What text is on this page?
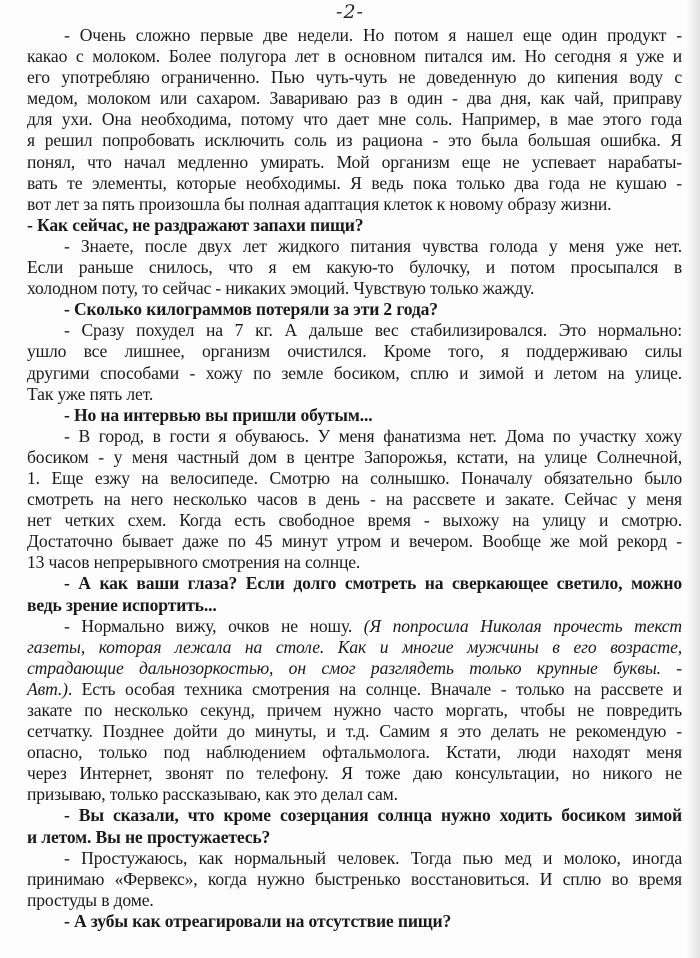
-2-
- Очень сложно первые две недели. Но потом я нашел еще один продукт -
какао с молоком. Более полугора лет в основном питался им. Но сегодня я уже и
его употребляю ограниченно. Пью чуть-чуть не доведенную до кипения воду с
медом, молоком или сахаром. Завариваю раз в один - два дня, как чай, приправу
для ухи. Она необходима, потому что дает мне соль. Например, в мае этого года
я решил попробовать исключить соль из рациона - это была большая ошибка. Я
понял, что начал медленно умирать. Мой организм еще не успевает нарабаты-
вать те элементы, которые необходимы. Я ведь пока только два года не кушаю -
вот лет за пять произошла бы полная адаптация клеток к новому образу жизни.
- Как сейчас, не раздражают запахи пищи?
- Знаете, после двух лет жидкого питания чувства голода у меня уже нет.
Если раньше снилось, что я ем какую-то булочку, и потом просыпался в
холодном поту, то сейчас - никаких эмоций. Чувствую только жажду.
- Сколько килограммов потеряли за эти 2 года?
- Сразу похудел на 7 кг. А дальше вес стабилизировался. Это нормально:
ушло все лишнее, организм очистился. Кроме того, я поддерживаю силы
другими способами - хожу по земле босиком, сплю и зимой и летом на улице.
Так уже пять лет.
- Но на интервью вы пришли обутым...
- В город, в гости я обуваюсь. У меня фанатизма нет. Дома по участку хожу
босиком - у меня частный дом в центре Запорожья, кстати, на улице Солнечной,
1. Еще езжу на велосипеде. Смотрю на солнышко. Поначалу обязательно было
смотреть на него несколько часов в день - на рассвете и закате. Сейчас у меня
нет четких схем. Когда есть свободное время - выхожу на улицу и смотрю.
Достаточно бывает даже по 45 минут утром и вечером. Вообще же мой рекорд -
13 часов непрерывного смотрения на солнце.
- А как ваши глаза? Если долго смотреть на сверкающее светило, можно
ведь зрение испортить...
- Нормально вижу, очков не ношу. (Я попросила Николая прочесть текст
газеты, которая лежала на столе. Как и многие мужчины в его возрасте,
страдающие дальнозоркостью, он смог разглядеть только крупные буквы. -
Авт.). Есть особая техника смотрения на солнце. Вначале - только на рассвете и
закате по несколько секунд, причем нужно часто моргать, чтобы не повредить
сетчатку. Позднее дойти до минуты, и т.д. Самим я это делать не рекомендую -
опасно, только под наблюдением офтальмолога. Кстати, люди находят меня
через Интернет, звонят по телефону. Я тоже даю консультации, но никого не
призываю, только рассказываю, как это делал сам.
- Вы сказали, что кроме созерцания солнца нужно ходить босиком зимой
и летом. Вы не простужаетесь?
- Простужаюсь, как нормальный человек. Тогда пью мед и молоко, иногда
принимаю «Фервекс», когда нужно быстренько восстановиться. И сплю во время
простуды в доме.
- А зубы как отреагировали на отсутствие пищи?
